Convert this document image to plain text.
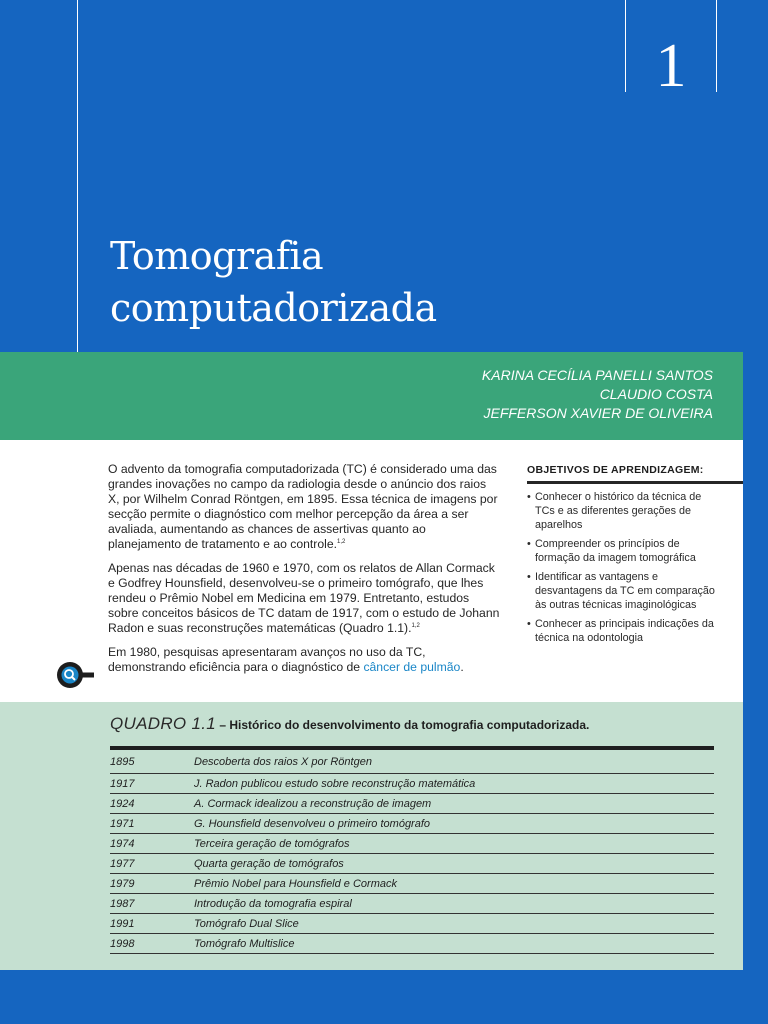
1
Tomografia
computadorizada
KARINA CECÍLIA PANELLI SANTOS
CLAUDIO COSTA
JEFFERSON XAVIER DE OLIVEIRA

O advento da tomografia computadorizada (TC) é considerado uma das grandes inovações no campo da radiologia desde o anúncio dos raios X, por Wilhelm Conrad Röntgen, em 1895. Essa técnica de imagens por secção permite o diagnóstico com melhor percepção da área a ser avaliada, aumentando as chances de assertivas quanto ao planejamento de tratamento e ao controle.$^{1,2}$

Apenas nas décadas de 1960 e 1970, com os relatos de Allan Cormack e Godfrey Hounsfield, desenvolveu-se o primeiro tomógrafo, que lhes rendeu o Prêmio Nobel em Medicina em 1979. Entretanto, estudos sobre conceitos básicos de TC datam de 1917, com o estudo de Johann Radon e suas reconstruções matemáticas (Quadro 1.1).$^{1,2}$

Em 1980, pesquisas apresentaram avanços no uso da TC, demonstrando eficiência para o diagnóstico de câncer de pulmão.

OBJETIVOS DE APRENDIZAGEM:
• Conhecer o histórico da técnica de TCs e as diferentes gerações de aparelhos
• Compreender os princípios de formação da imagem tomográfica
• Identificar as vantagens e desvantagens da TC em comparação às outras técnicas imaginológicas
• Conhecer as principais indicações da técnica na odontologia
QUADRO 1.1 – Histórico do desenvolvimento da tomografia computadorizada.
1895	Descoberta dos raios X por Röntgen
1917	J. Radon publicou estudo sobre reconstrução matemática
1924	A. Cormack idealizou a reconstrução de imagem
1971	G. Hounsfield desenvolveu o primeiro tomógrafo
1974	Terceira geração de tomógrafos
1977	Quarta geração de tomógrafos
1979	Prêmio Nobel para Hounsfield e Cormack
1987	Introdução da tomografia espiral
1991	Tomógrafo Dual Slice
1998	Tomógrafo Multislice
